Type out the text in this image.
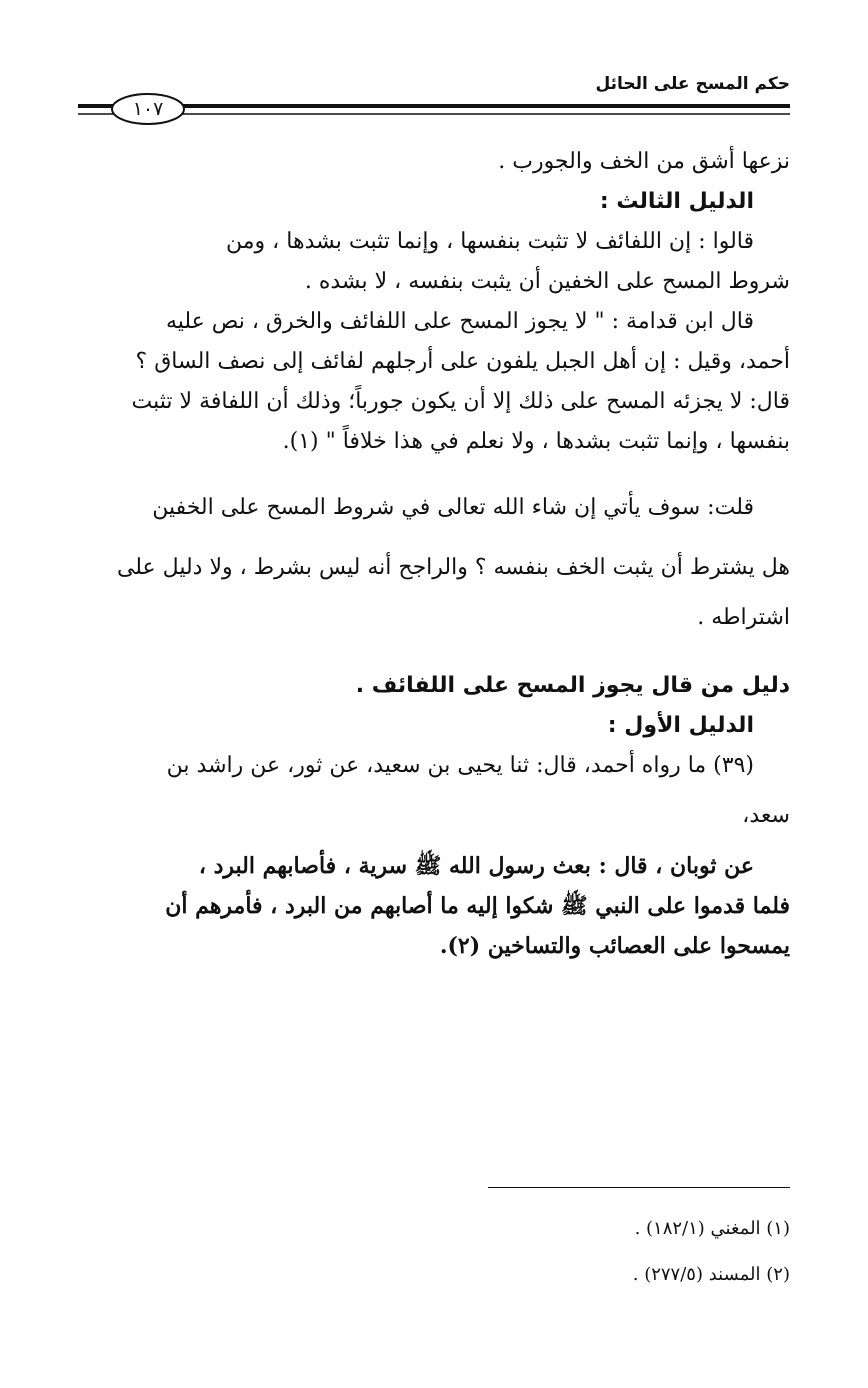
حكم المسح على الحائل
١٠٧
نزعها أشق من الخف والجورب .
الدليل الثالث :
قالوا : إن اللفائف لا تثبت بنفسها ، وإنما تثبت بشدها ، ومن
شروط المسح على الخفين أن يثبت بنفسه ، لا بشده .
قال ابن قدامة : " لا يجوز المسح على اللفائف والخرق ، نص عليه
أحمد، وقيل : إن أهل الجبل يلفون على أرجلهم لفائف إلى نصف الساق ؟
قال: لا يجزئه المسح على ذلك إلا أن يكون جورباً؛ وذلك أن اللفافة لا تثبت
بنفسها ، وإنما تثبت بشدها ، ولا نعلم في هذا خلافاً " (١).
قلت: سوف يأتي إن شاء الله تعالى في شروط المسح على الخفين
هل يشترط أن يثبت الخف بنفسه ؟ والراجح أنه ليس بشرط ، ولا دليل على
اشتراطه .
دليل من قال يجوز المسح على اللفائف .
الدليل الأول :
(٣٩) ما رواه أحمد، قال: ثنا يحيى بن سعيد، عن ثور، عن راشد بن
سعد،
عن ثوبان ، قال : بعث رسول الله ﷺ سرية ، فأصابهم البرد ،
فلما قدموا على النبي ﷺ شكوا إليه ما أصابهم من البرد ، فأمرهم أن
يمسحوا على العصائب والتساخين (٢).
(١) المغني (١٨٢/١) .
(٢) المسند (٢٧٧/٥) .
